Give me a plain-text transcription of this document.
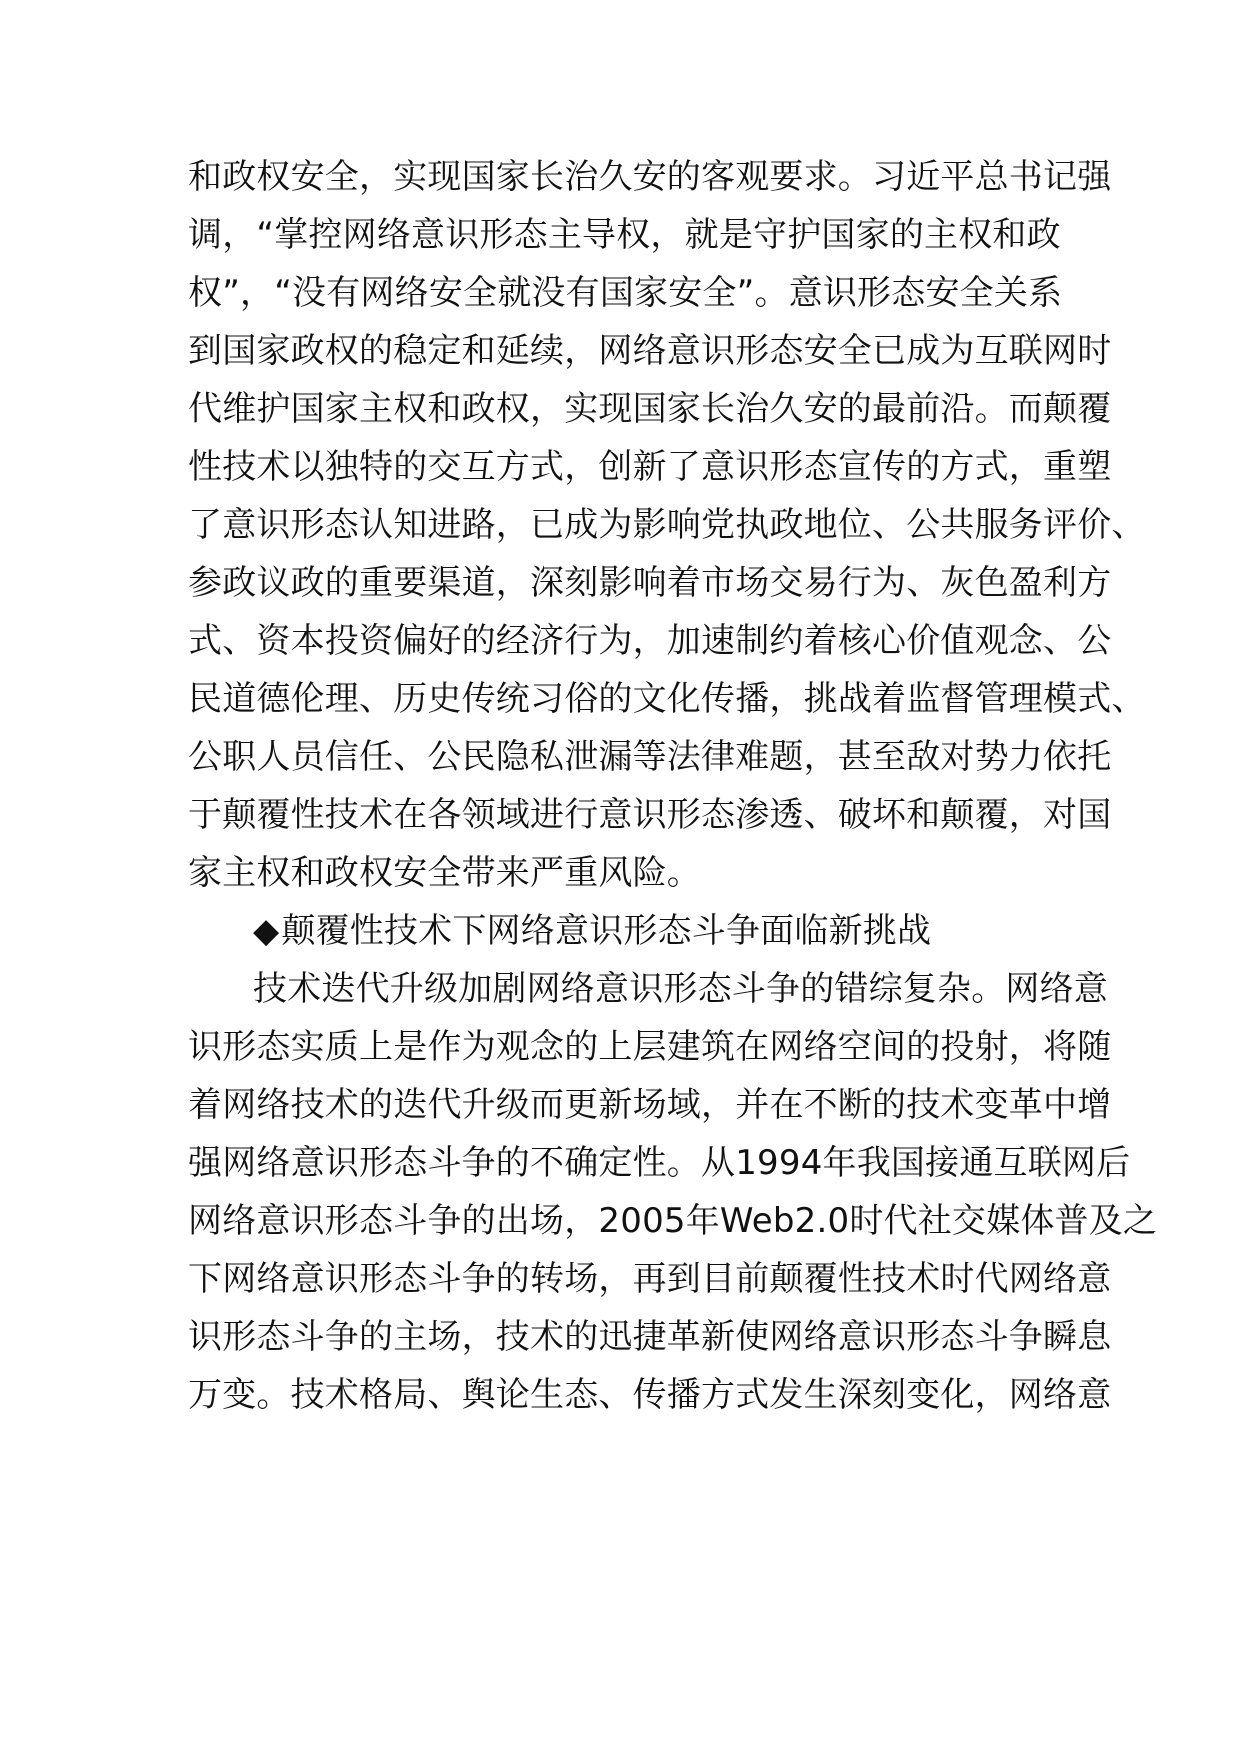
和政权安全，实现国家长治久安的客观要求。习近平总书记强
调，“掌控网络意识形态主导权，就是守护国家的主权和政
权”，“没有网络安全就没有国家安全”。意识形态安全关系
到国家政权的稳定和延续，网络意识形态安全已成为互联网时
代维护国家主权和政权，实现国家长治久安的最前沿。而颠覆
性技术以独特的交互方式，创新了意识形态宣传的方式，重塑
了意识形态认知进路，已成为影响党执政地位、公共服务评价、
参政议政的重要渠道，深刻影响着市场交易行为、灰色盈利方
式、资本投资偏好的经济行为，加速制约着核心价值观念、公
民道德伦理、历史传统习俗的文化传播，挑战着监督管理模式、
公职人员信任、公民隐私泄漏等法律难题，甚至敌对势力依托
于颠覆性技术在各领域进行意识形态渗透、破坏和颠覆，对国
家主权和政权安全带来严重风险。
◆颠覆性技术下网络意识形态斗争面临新挑战
技术迭代升级加剧网络意识形态斗争的错综复杂。网络意
识形态实质上是作为观念的上层建筑在网络空间的投射，将随
着网络技术的迭代升级而更新场域，并在不断的技术变革中增
强网络意识形态斗争的不确定性。从1994年我国接通互联网后
网络意识形态斗争的出场，2005年Web2.0时代社交媒体普及之
下网络意识形态斗争的转场，再到目前颠覆性技术时代网络意
识形态斗争的主场，技术的迅捷革新使网络意识形态斗争瞬息
万变。技术格局、舆论生态、传播方式发生深刻变化，网络意
